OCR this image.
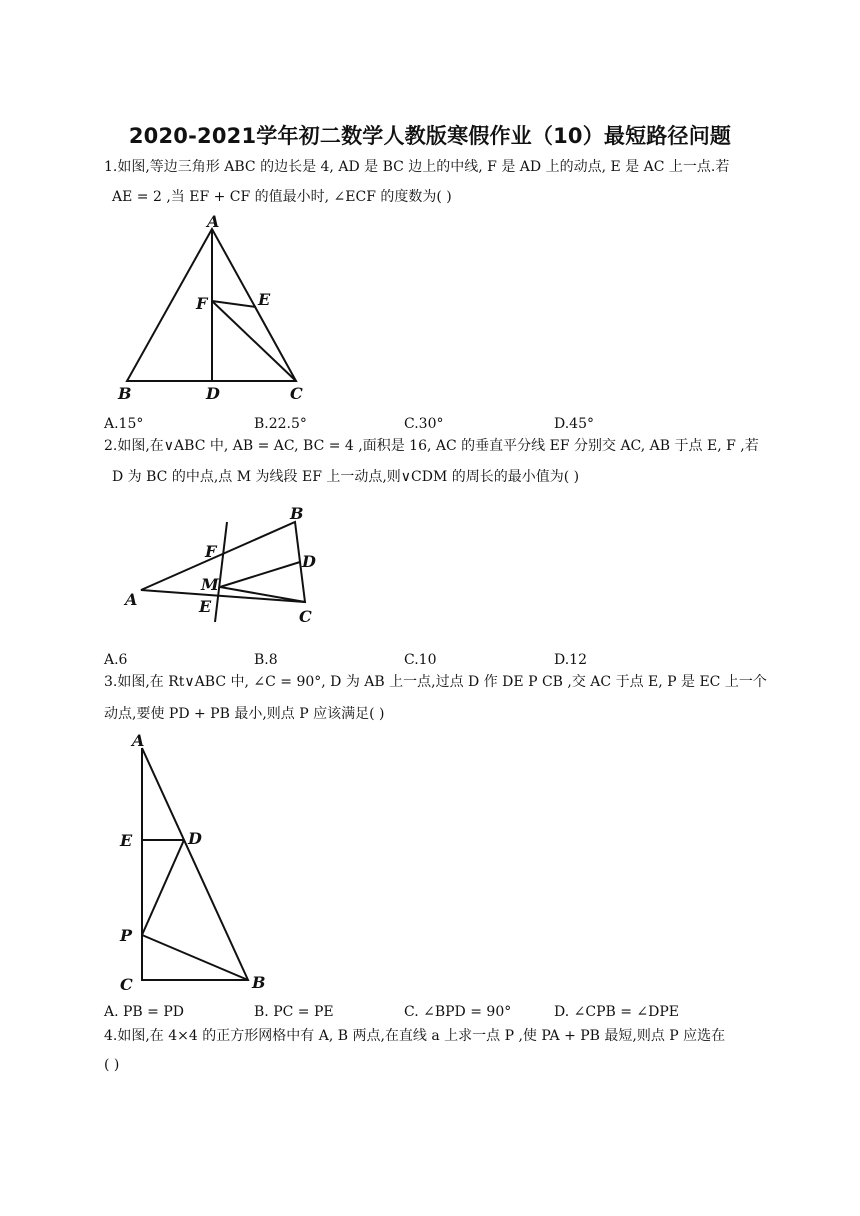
2020-2021学年初二数学人教版寒假作业（10）最短路径问题
1.如图,等边三角形 ABC 的边长是 4, AD 是 BC 边上的中线, F 是 AD 上的动点, E 是 AC 上一点.若
AE = 2 ,当 EF + CF 的值最小时, ∠ECF 的度数为( )
A
B	C
D
E
F
A.15°	B.22.5°	C.30°	D.45°
2.如图,在∨ABC 中, AB = AC, BC = 4 ,面积是 16, AC 的垂直平分线 EF 分别交 AC, AB 于点 E, F ,若
D 为 BC 的中点,点 M 为线段 EF 上一动点,则∨CDM 的周长的最小值为( )
B
D
C
A
F
M
E
A.6	B.8	C.10	D.12
3.如图,在 Rt∨ABC 中, ∠C = 90°, D 为 AB 上一点,过点 D 作 DE P CB ,交 AC 于点 E, P 是 EC 上一个
动点,要使 PD + PB 最小,则点 P 应该满足( )
A
E	D
P
C	B
A. PB = PD	B. PC = PE	C. ∠BPD = 90°	D. ∠CPB = ∠DPE
4.如图,在 4×4 的正方形网格中有 A, B 两点,在直线 a 上求一点 P ,使 PA + PB 最短,则点 P 应选在
( )
